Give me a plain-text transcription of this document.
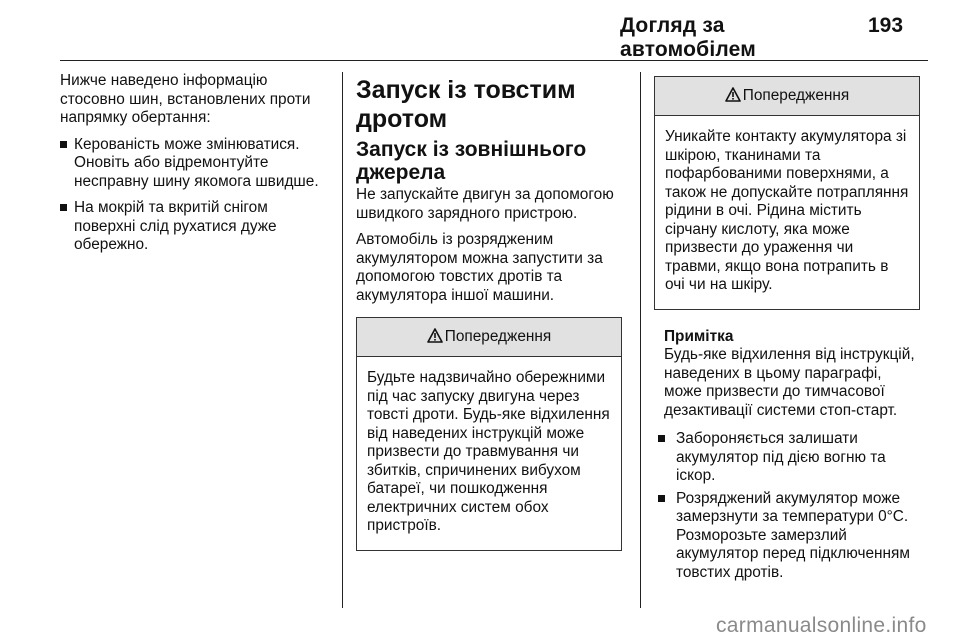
Догляд за автомобілем
193

Нижче наведено інформацію стосовно шин, встановлених проти напрямку обертання:

Керованість може змінюватися. Оновіть або відремонтуйте несправну шину якомога швидше.
На мокрій та вкритій снігом поверхні слід рухатися дуже обережно.
Запуск із товстим дротом
Запуск із зовнішнього джерела

Не запускайте двигун за допомогою швидкого зарядного пристрою.

Автомобіль із розрядженим акумулятором можна запустити за допомогою товстих дротів та акумулятора іншої машини.

Попередження
Будьте надзвичайно обережними під час запуску двигуна через товсті дроти. Будь-яке відхилення від наведених інструкцій може призвести до травмування чи збитків, спричинених вибухом батареї, чи пошкодження електричних систем обох пристроїв.
Попередження
Уникайте контакту акумулятора зі шкірою, тканинами та пофарбованими поверхнями, а також не допускайте потрапляння рідини в очі. Рідина містить сірчану кислоту, яка може призвести до ураження чи травми, якщо вона потрапить в очі чи на шкіру.
Примітка

Будь-яке відхилення від інструкцій, наведених в цьому параграфі, може призвести до тимчасової дезактивації системи стоп-старт.

Забороняється залишати акумулятор під дією вогню та іскор.
Розряджений акумулятор може замерзнути за температури 0°C. Розморозьте замерзлий акумулятор перед підключенням товстих дротів.
carmanualsonline.info
